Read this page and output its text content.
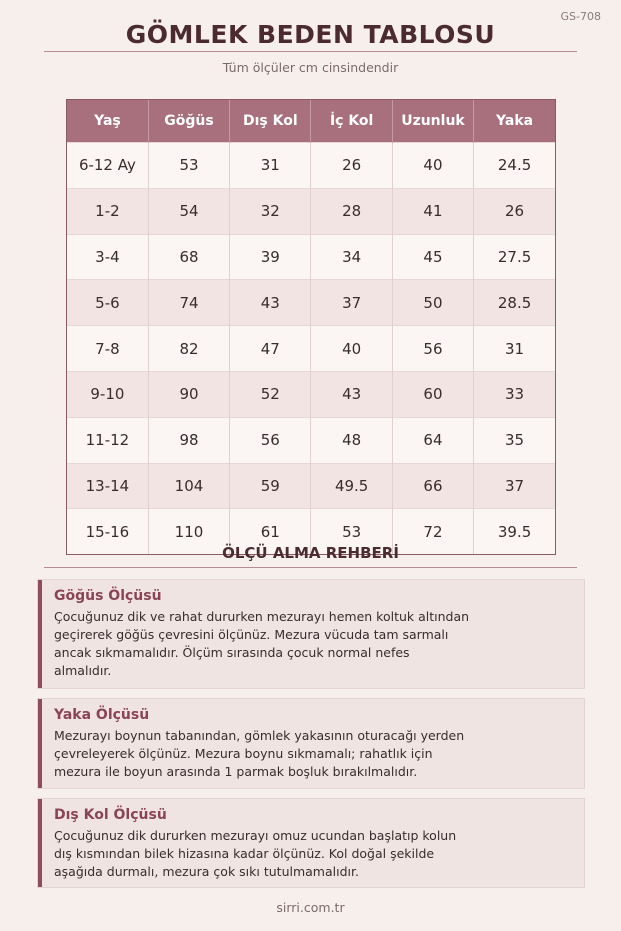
GS-708
GÖMLEK BEDEN TABLOSU
Tüm ölçüler cm cinsindendir
Yaş	Göğüs	Dış Kol	İç Kol	Uzunluk	Yaka
6-12 Ay	53	31	26	40	24.5
1-2	54	32	28	41	26
3-4	68	39	34	45	27.5
5-6	74	43	37	50	28.5
7-8	82	47	40	56	31
9-10	90	52	43	60	33
11-12	98	56	48	64	35
13-14	104	59	49.5	66	37
15-16	110	61	53	72	39.5
ÖLÇÜ ALMA REHBERİ
Göğüs Ölçüsü
Çocuğunuz dik ve rahat dururken mezurayı hemen koltuk altından
geçirerek göğüs çevresini ölçünüz. Mezura vücuda tam sarmalı
ancak sıkmamalıdır. Ölçüm sırasında çocuk normal nefes
almalıdır.
Yaka Ölçüsü
Mezurayı boynun tabanından, gömlek yakasının oturacağı yerden
çevreleyerek ölçünüz. Mezura boynu sıkmamalı; rahatlık için
mezura ile boyun arasında 1 parmak boşluk bırakılmalıdır.
Dış Kol Ölçüsü
Çocuğunuz dik dururken mezurayı omuz ucundan başlatıp kolun
dış kısmından bilek hizasına kadar ölçünüz. Kol doğal şekilde
aşağıda durmalı, mezura çok sıkı tutulmamalıdır.
sirri.com.tr
